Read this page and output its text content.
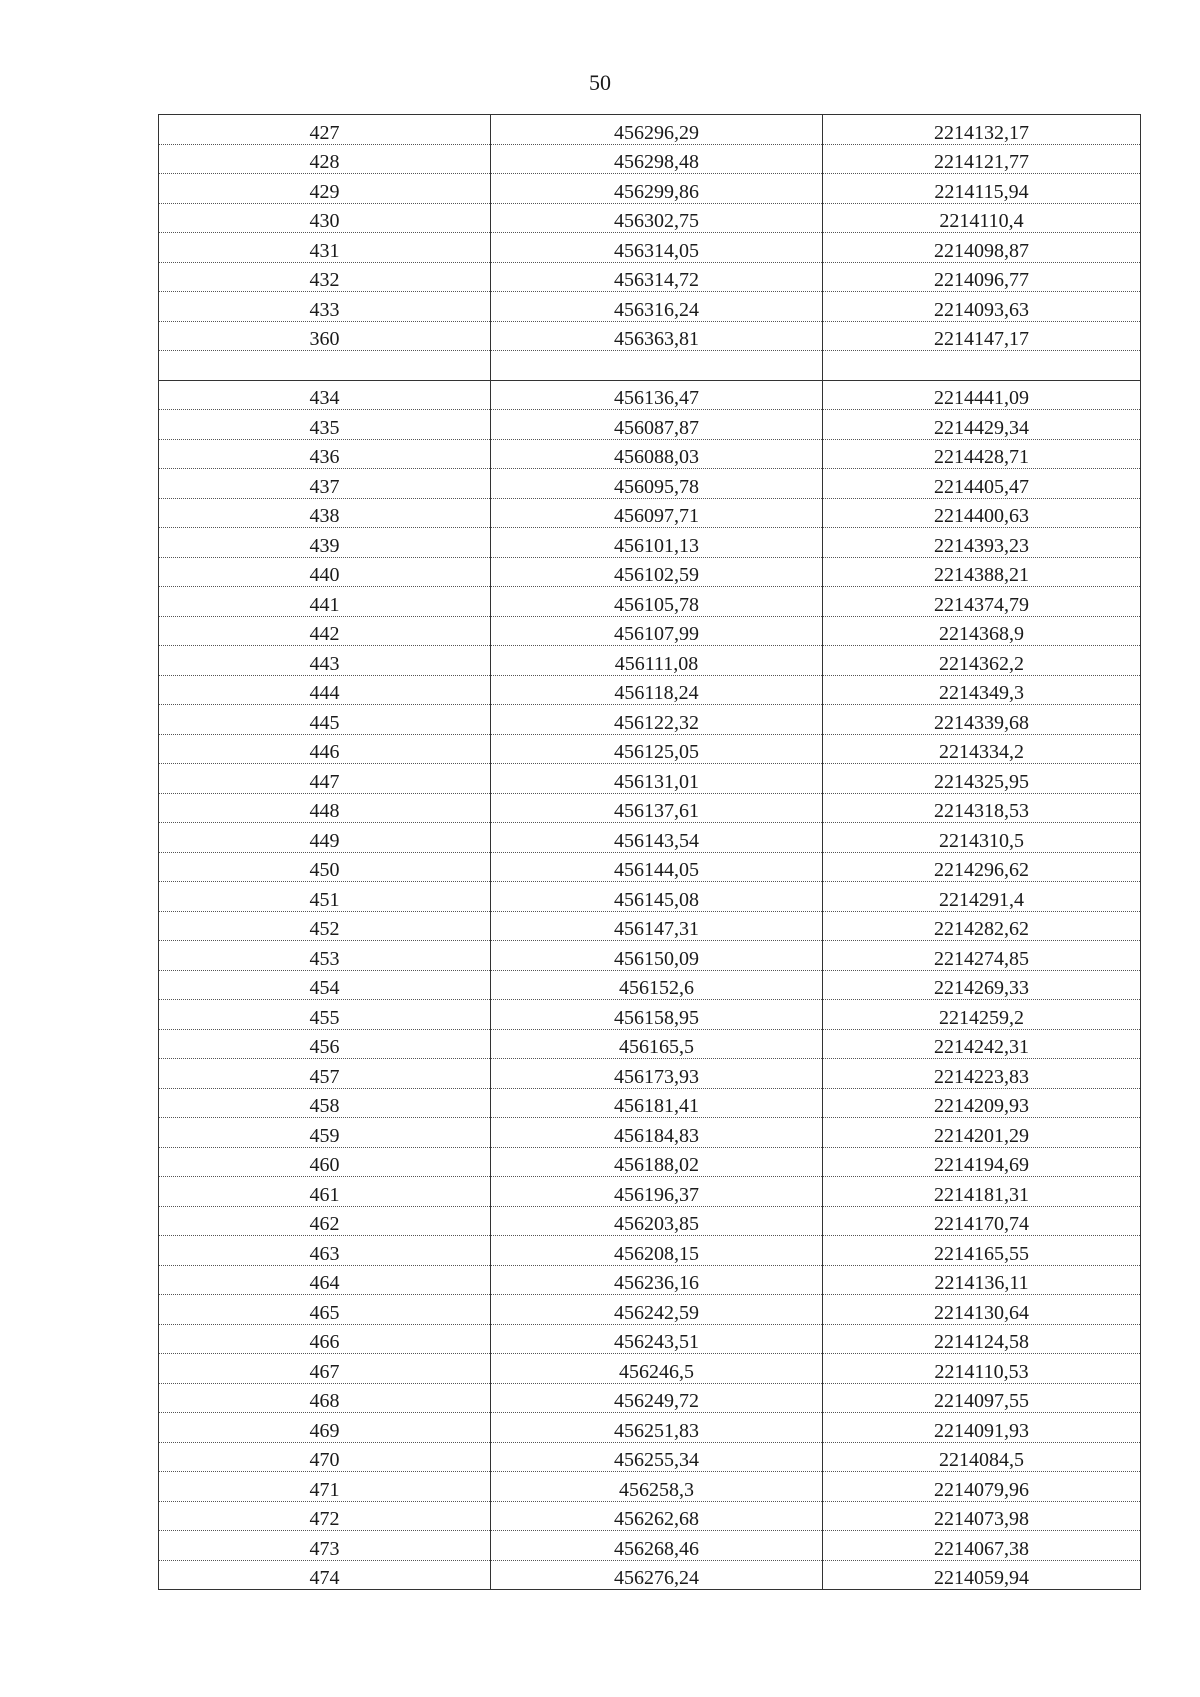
50
427	456296,29	2214132,17
428	456298,48	2214121,77
429	456299,86	2214115,94
430	456302,75	2214110,4
431	456314,05	2214098,87
432	456314,72	2214096,77
433	456316,24	2214093,63
360	456363,81	2214147,17

434	456136,47	2214441,09
435	456087,87	2214429,34
436	456088,03	2214428,71
437	456095,78	2214405,47
438	456097,71	2214400,63
439	456101,13	2214393,23
440	456102,59	2214388,21
441	456105,78	2214374,79
442	456107,99	2214368,9
443	456111,08	2214362,2
444	456118,24	2214349,3
445	456122,32	2214339,68
446	456125,05	2214334,2
447	456131,01	2214325,95
448	456137,61	2214318,53
449	456143,54	2214310,5
450	456144,05	2214296,62
451	456145,08	2214291,4
452	456147,31	2214282,62
453	456150,09	2214274,85
454	456152,6	2214269,33
455	456158,95	2214259,2
456	456165,5	2214242,31
457	456173,93	2214223,83
458	456181,41	2214209,93
459	456184,83	2214201,29
460	456188,02	2214194,69
461	456196,37	2214181,31
462	456203,85	2214170,74
463	456208,15	2214165,55
464	456236,16	2214136,11
465	456242,59	2214130,64
466	456243,51	2214124,58
467	456246,5	2214110,53
468	456249,72	2214097,55
469	456251,83	2214091,93
470	456255,34	2214084,5
471	456258,3	2214079,96
472	456262,68	2214073,98
473	456268,46	2214067,38
474	456276,24	2214059,94
